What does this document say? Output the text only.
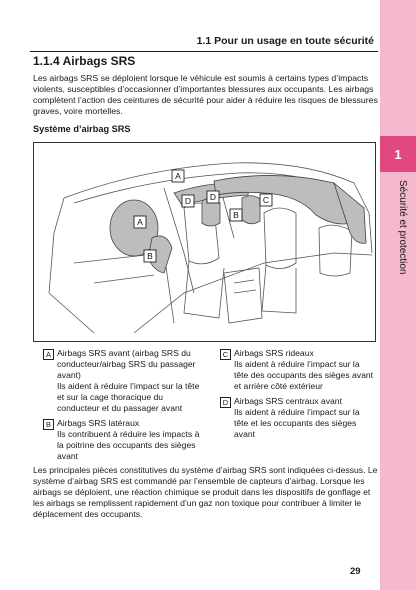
1
Sécurité et protection
1.1 Pour un usage en toute sécurité
1.1.4 Airbags SRS

Les airbags SRS se déploient lorsque le véhicule est soumis à certains types d’impacts violents, susceptibles d’occasionner d’importantes blessures aux occupants. Les airbags complètent l’action des ceintures de sécurité pour aider à réduire les risques de blessures graves, voire mortelles.

Système d’airbag SRS
A
A
B
D D
B
C
A Airbags SRS avant (airbag SRS du conducteur/airbag SRS du passager avant)
Ils aident à réduire l’impact sur la tête et sur la cage thoracique du conducteur et du passager avant
B Airbags SRS latéraux
Ils contribuent à réduire les impacts à la poitrine des occupants des sièges avant
C Airbags SRS rideaux
Ils aident à réduire l’impact sur la tête des occupants des sièges avant et arrière côté extérieur
D Airbags SRS centraux avant
Ils aident à réduire l’impact sur la tête et les occupants des sièges avant

Les principales pièces constitutives du système d’airbag SRS sont indiquées ci-dessus. Le système d’airbag SRS est commandé par l’ensemble de capteurs d’airbag. Lorsque les airbags se déploient, une réaction chimique se produit dans les dispositifs de gonflage et les airbags se remplissent rapidement d’un gaz non toxique pour contribuer à limiter le déplacement des occupants.

29
